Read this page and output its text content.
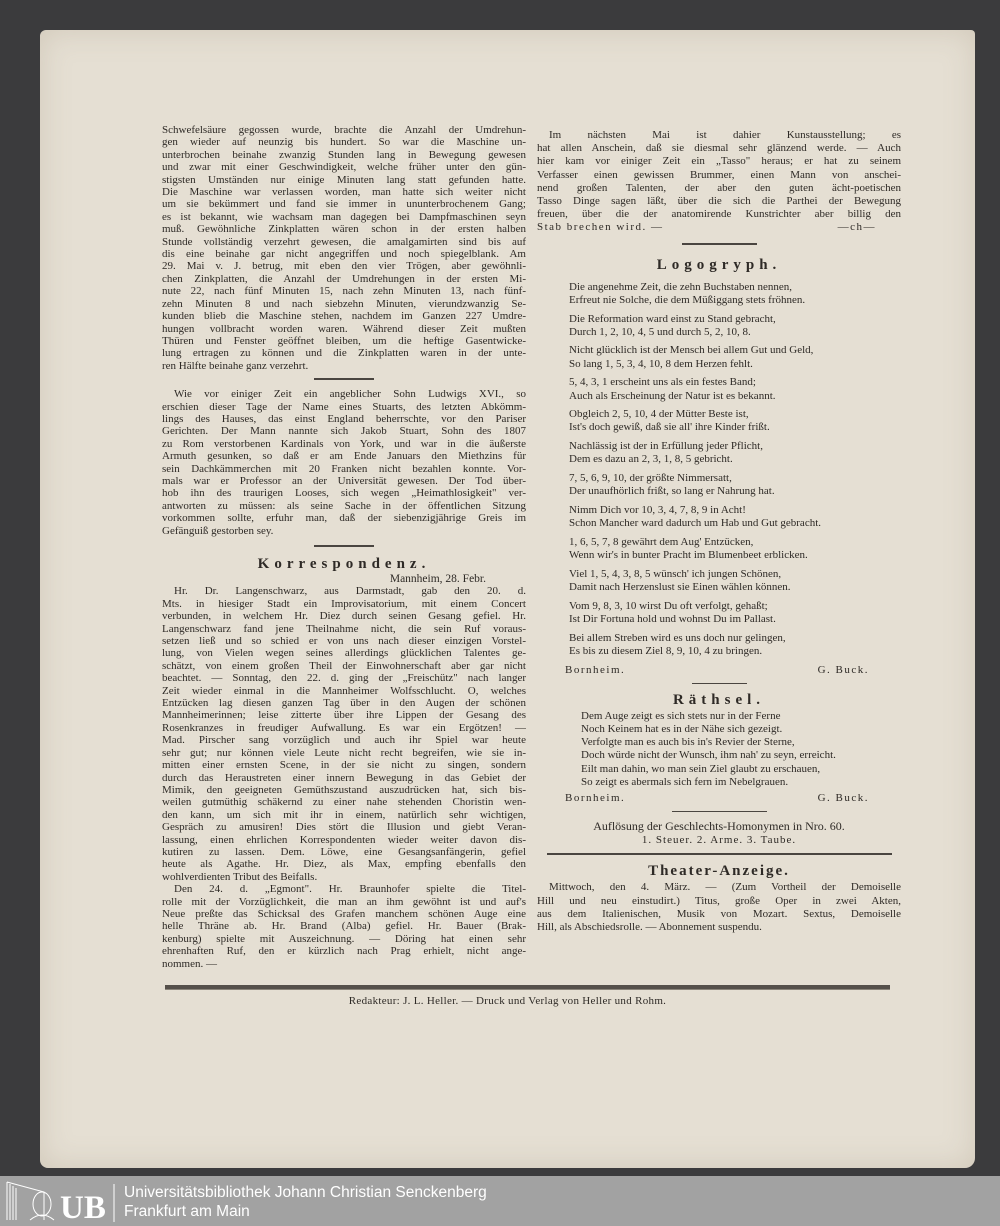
Schwefelsäure gegossen wurde, brachte die Anzahl der Umdrehun-
gen wieder auf neunzig bis hundert. So war die Maschine un-
unterbrochen beinahe zwanzig Stunden lang in Bewegung gewesen
und zwar mit einer Geschwindigkeit, welche früher unter den gün-
stigsten Umständen nur einige Minuten lang statt gefunden hatte.
Die Maschine war verlassen worden, man hatte sich weiter nicht
um sie bekümmert und fand sie immer in ununterbrochenem Gang;
es ist bekannt, wie wachsam man dagegen bei Dampfmaschinen seyn
muß. Gewöhnliche Zinkplatten wären schon in der ersten halben
Stunde vollständig verzehrt gewesen, die amalgamirten sind bis auf
dis eine beinahe gar nicht angegriffen und noch spiegelblank. Am
29. Mai v. J. betrug, mit eben den vier Trögen, aber gewöhnli-
chen Zinkplatten, die Anzahl der Umdrehungen in der ersten Mi-
nute 22, nach fünf Minuten 15, nach zehn Minuten 13, nach fünf-
zehn Minuten 8 und nach siebzehn Minuten, vierundzwanzig Se-
kunden blieb die Maschine stehen, nachdem im Ganzen 227 Umdre-
hungen vollbracht worden waren. Während dieser Zeit mußten
Thüren und Fenster geöffnet bleiben, um die heftige Gasentwicke-
lung ertragen zu können und die Zinkplatten waren in der unte-
ren Hälfte beinahe ganz verzehrt.
Wie vor einiger Zeit ein angeblicher Sohn Ludwigs XVI., so
erschien dieser Tage der Name eines Stuarts, des letzten Abkömm-
lings des Hauses, das einst England beherrschte, vor den Pariser
Gerichten. Der Mann nannte sich Jakob Stuart, Sohn des 1807
zu Rom verstorbenen Kardinals von York, und war in die äußerste
Armuth gesunken, so daß er am Ende Januars den Miethzins für
sein Dachkämmerchen mit 20 Franken nicht bezahlen konnte. Vor-
mals war er Professor an der Universität gewesen. Der Tod über-
hob ihn des traurigen Looses, sich wegen „Heimathlosigkeit" ver-
antworten zu müssen: als seine Sache in der öffentlichen Sitzung
vorkommen sollte, erfuhr man, daß der siebenzigjährige Greis im
Gefänguiß gestorben sey.
Korrespondenz.
Mannheim, 28. Febr.
Hr. Dr. Langenschwarz, aus Darmstadt, gab den 20. d.
Mts. in hiesiger Stadt ein Improvisatorium, mit einem Concert
verbunden, in welchem Hr. Diez durch seinen Gesang gefiel. Hr.
Langenschwarz fand jene Theilnahme nicht, die sein Ruf voraus-
setzen ließ und so schied er von uns nach dieser einzigen Vorstel-
lung, von Vielen wegen seines allerdings glücklichen Talentes ge-
schätzt, von einem großen Theil der Einwohnerschaft aber gar nicht
beachtet. — Sonntag, den 22. d. ging der „Freischütz" nach langer
Zeit wieder einmal in die Mannheimer Wolfsschlucht. O, welches
Entzücken lag diesen ganzen Tag über in den Augen der schönen
Mannheimerinnen; leise zitterte über ihre Lippen der Gesang des
Rosenkranzes in freudiger Aufwallung. Es war ein Ergötzen! —
Mad. Pirscher sang vorzüglich und auch ihr Spiel war heute
sehr gut; nur können viele Leute nicht recht begreifen, wie sie in-
mitten einer ernsten Scene, in der sie nicht zu singen, sondern
durch das Heraustreten einer innern Bewegung in das Gebiet der
Mimik, den geeigneten Gemüthszustand auszudrücken hat, sich bis-
weilen gutmüthig schäkernd zu einer nahe stehenden Choristin wen-
den kann, um sich mit ihr in einem, natürlich sehr wichtigen,
Gespräch zu amusiren! Dies stört die Illusion und giebt Veran-
lassung, einen ehrlichen Korrespondenten wieder weiter davon dis-
kutiren zu lassen. Dem. Löwe, eine Gesangsanfängerin, gefiel
heute als Agathe. Hr. Diez, als Max, empfing ebenfalls den
wohlverdienten Tribut des Beifalls.
Den 24. d. „Egmont". Hr. Braunhofer spielte die Titel-
rolle mit der Vorzüglichkeit, die man an ihm gewöhnt ist und auf's
Neue preßte das Schicksal des Grafen manchem schönen Auge eine
helle Thräne ab. Hr. Brand (Alba) gefiel. Hr. Bauer (Brak-
kenburg) spielte mit Auszeichnung. — Döring hat einen sehr
ehrenhaften Ruf, den er kürzlich nach Prag erhielt, nicht ange-
nommen. —
Im nächsten Mai ist dahier Kunstausstellung; es
hat allen Anschein, daß sie diesmal sehr glänzend werde. — Auch
hier kam vor einiger Zeit ein „Tasso" heraus; er hat zu seinem
Verfasser einen gewissen Brummer, einen Mann von anschei-
nend großen Talenten, der aber den guten ächt-poetischen
Tasso Dinge sagen läßt, über die sich die Parthei der Bewegung
freuen, über die der anatomirende Kunstrichter aber billig den
Stab brechen wird. —	—ch—
Logogryph.
Die angenehme Zeit, die zehn Buchstaben nennen,
Erfreut nie Solche, die dem Müßiggang stets fröhnen.
Die Reformation ward einst zu Stand gebracht,
Durch 1, 2, 10, 4, 5 und durch 5, 2, 10, 8.
Nicht glücklich ist der Mensch bei allem Gut und Geld,
So lang 1, 5, 3, 4, 10, 8 dem Herzen fehlt.
5, 4, 3, 1 erscheint uns als ein festes Band;
Auch als Erscheinung der Natur ist es bekannt.
Obgleich 2, 5, 10, 4 der Mütter Beste ist,
Ist's doch gewiß, daß sie all' ihre Kinder frißt.
Nachlässig ist der in Erfüllung jeder Pflicht,
Dem es dazu an 2, 3, 1, 8, 5 gebricht.
7, 5, 6, 9, 10, der größte Nimmersatt,
Der unaufhörlich frißt, so lang er Nahrung hat.
Nimm Dich vor 10, 3, 4, 7, 8, 9 in Acht!
Schon Mancher ward dadurch um Hab und Gut gebracht.
1, 6, 5, 7, 8 gewährt dem Aug' Entzücken,
Wenn wir's in bunter Pracht im Blumenbeet erblicken.
Viel 1, 5, 4, 3, 8, 5 wünsch' ich jungen Schönen,
Damit nach Herzenslust sie Einen wählen können.
Vom 9, 8, 3, 10 wirst Du oft verfolgt, gehaßt;
Ist Dir Fortuna hold und wohnst Du im Pallast.
Bei allem Streben wird es uns doch nur gelingen,
Es bis zu diesem Ziel 8, 9, 10, 4 zu bringen.
Bornheim.	G. Buck.
Räthsel.
Dem Auge zeigt es sich stets nur in der Ferne
Noch Keinem hat es in der Nähe sich gezeigt.
Verfolgte man es auch bis in's Revier der Sterne,
Doch würde nicht der Wunsch, ihm nah' zu seyn, erreicht.
Eilt man dahin, wo man sein Ziel glaubt zu erschauen,
So zeigt es abermals sich fern im Nebelgrauen.
Bornheim.	G. Buck.
Auflösung der Geschlechts-Homonymen in Nro. 60.
1. Steuer. 2. Arme. 3. Taube.
Theater-Anzeige.
Mittwoch, den 4. März. — (Zum Vortheil der Demoiselle
Hill und neu einstudirt.) Titus, große Oper in zwei Akten,
aus dem Italienischen, Musik von Mozart. Sextus, Demoiselle
Hill, als Abschiedsrolle. — Abonnement suspendu.
Redakteur: J. L. Heller. — Druck und Verlag von Heller und Rohm.
UB Universitätsbibliothek Johann Christian Senckenberg
Frankfurt am Main
